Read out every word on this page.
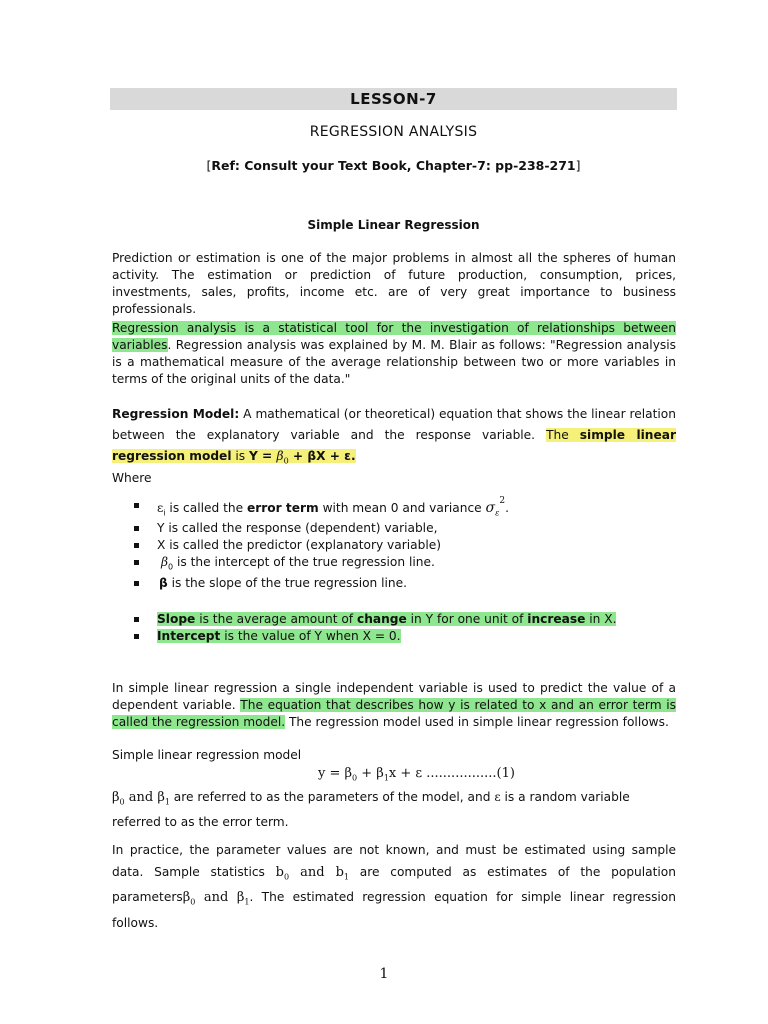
LESSON-7
REGRESSION ANALYSIS
[Ref: Consult your Text Book, Chapter-7: pp-238-271]
Simple Linear Regression
Prediction or estimation is one of the major problems in almost all the spheres of human activity. The estimation or prediction of future production, consumption, prices, investments, sales, profits, income etc. are of very great importance to business professionals.
Regression analysis is a statistical tool for the investigation of relationships between variables. Regression analysis was explained by M. M. Blair as follows: "Regression analysis is a mathematical measure of the average relationship between two or more variables in terms of the original units of the data."
Regression Model: A mathematical (or theoretical) equation that shows the linear relation between the explanatory variable and the response variable. The simple linear regression model is $Y = \beta_0 + \beta X + \varepsilon$.
Where
$\varepsilon_i$ is called the error term with mean 0 and variance $\sigma_\varepsilon^2$.
Y is called the response (dependent) variable,
X is called the predictor (explanatory variable)
$\beta_0$ is the intercept of the true regression line.
β is the slope of the true regression line.
Slope is the average amount of change in Y for one unit of increase in X.
Intercept is the value of Y when X = 0.
In simple linear regression a single independent variable is used to predict the value of a dependent variable. The equation that describes how y is related to x and an error term is called the regression model. The regression model used in simple linear regression follows.
Simple linear regression model
$y = \beta_0 + \beta_1x + \varepsilon$ .................(1)
$\beta_0$ and $\beta_1$ are referred to as the parameters of the model, and ε is a random variable referred to as the error term.
In practice, the parameter values are not known, and must be estimated using sample data. Sample statistics $b_0$ and $b_1$ are computed as estimates of the population parametersβ$_0$ and $\beta_1$. The estimated regression equation for simple linear regression follows.
1
